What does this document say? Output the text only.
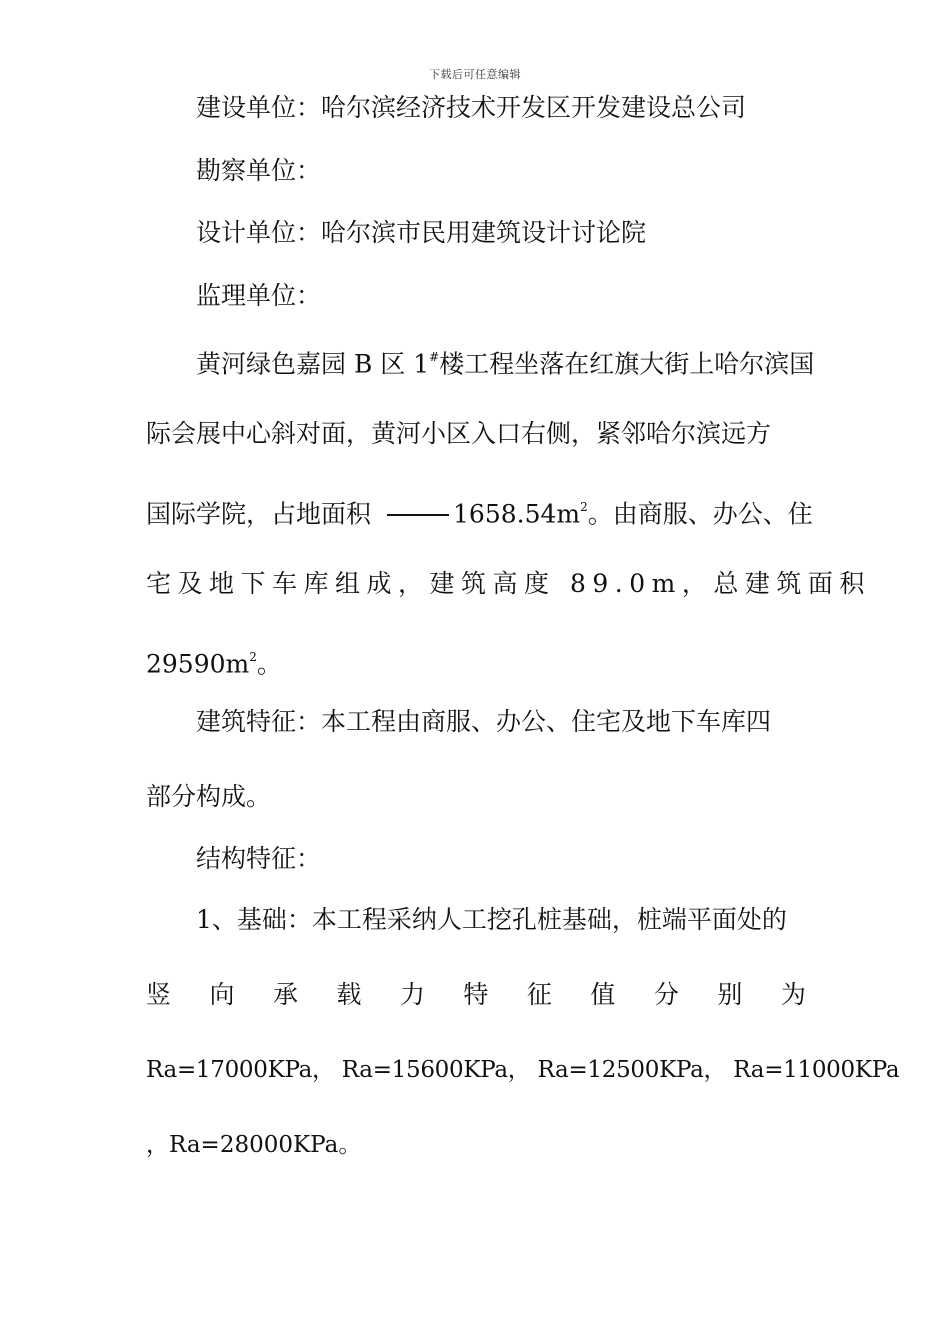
下载后可任意编辑
建设单位：哈尔滨经济技术开发区开发建设总公司
勘察单位：
设计单位：哈尔滨市民用建筑设计讨论院
监理单位：
黄河绿色嘉园 B 区 1#楼工程坐落在红旗大街上哈尔滨国
际会展中心斜对面，黄河小区入口右侧，紧邻哈尔滨远方
国际学院，占地面积	$1658.54m^2$。由商服、办公、住
宅及地下车库组成，建筑高度 89.0m，总建筑面积
$29590m^2$。
建筑特征：本工程由商服、办公、住宅及地下车库四
部分构成。
结构特征：
1、基础：本工程采纳人工挖孔桩基础，桩端平面处的
竖 向 承 载 力 特 征 值 分 别 为
Ra=17000KPa， Ra=15600KPa， Ra=12500KPa， Ra=11000KPa
，Ra=28000KPa。
